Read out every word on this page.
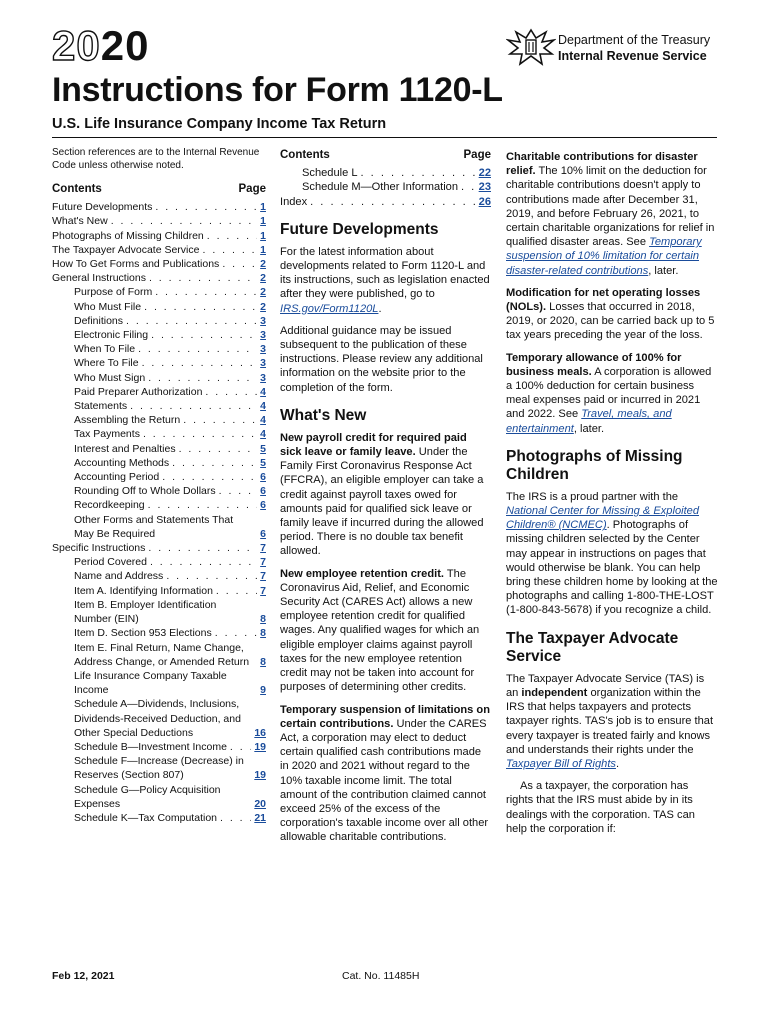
2020	Department of the Treasury
Internal Revenue Service
Instructions for Form 1120-L
U.S. Life Insurance Company Income Tax Return

Section references are to the Internal Revenue Code unless otherwise noted.

Contents	Page
Future Developments . . .	1
What's New . . .	1
Photographs of Missing Children . . .	1
The Taxpayer Advocate Service . . .	1
How To Get Forms and Publications . . .	2
General Instructions . . .	2
Purpose of Form . . .	2
Who Must File . . .	2
Definitions . . .	3
Electronic Filing . . .	3
When To File . . .	3
Where To File . . .	3
Who Must Sign . . .	3
Paid Preparer Authorization . . .	4
Statements . . .	4
Assembling the Return . . .	4
Tax Payments . . .	4
Interest and Penalties . . .	5
Accounting Methods . . .	5
Accounting Period . . .	6
Rounding Off to Whole Dollars . . .	6
Recordkeeping . . .	6
Other Forms and Statements That May Be Required	6
Specific Instructions . . .	7
Period Covered . . .	7
Name and Address . . .	7
Item A. Identifying Information . . .	7
Item B. Employer Identification Number (EIN)	8
Item D. Section 953 Elections . . .	8
Item E. Final Return, Name Change, Address Change, or Amended Return	8
Life Insurance Company Taxable Income	9
Schedule A—Dividends, Inclusions, Dividends-Received Deduction, and Other Special Deductions	16
Schedule B—Investment Income . . .	19
Schedule F—Increase (Decrease) in Reserves (Section 807)	19
Schedule G—Policy Acquisition Expenses	20
Schedule K—Tax Computation . . .	21
Contents	Page
Schedule L . . .	22
Schedule M—Other Information . . . 23
Index . . .	26
Future Developments

For the latest information about developments related to Form 1120-L and its instructions, such as legislation enacted after they were published, go to IRS.gov/Form1120L.

Additional guidance may be issued subsequent to the publication of these instructions. Please review any additional information on the website prior to the completion of the form.

What's New

New payroll credit for required paid sick leave or family leave. Under the Family First Coronavirus Response Act (FFCRA), an eligible employer can take a credit against payroll taxes owed for amounts paid for qualified sick leave or family leave if incurred during the allowed period. There is no double tax benefit allowed.

New employee retention credit. The Coronavirus Aid, Relief, and Economic Security Act (CARES Act) allows a new employee retention credit for qualified wages. Any qualified wages for which an eligible employer claims against payroll taxes for the new employee retention credit may not be taken into account for purposes of determining other credits.

Temporary suspension of limitations on certain contributions. Under the CARES Act, a corporation may elect to deduct certain qualified cash contributions made in 2020 and 2021 without regard to the 10% taxable income limit. The total amount of the contribution claimed cannot exceed 25% of the excess of the corporation's taxable income over all other allowable charitable contributions.

Charitable contributions for disaster relief. The 10% limit on the deduction for charitable contributions doesn't apply to contributions made after December 31, 2019, and before February 26, 2021, to certain charitable organizations for relief in qualified disaster areas. See Temporary suspension of 10% limitation for certain disaster-related contributions, later.

Modification for net operating losses (NOLs). Losses that occurred in 2018, 2019, or 2020, can be carried back up to 5 tax years preceding the year of the loss.

Temporary allowance of 100% for business meals. A corporation is allowed a 100% deduction for certain business meal expenses paid or incurred in 2021 and 2022. See Travel, meals, and entertainment, later.

Photographs of Missing Children

The IRS is a proud partner with the National Center for Missing & Exploited Children® (NCMEC). Photographs of missing children selected by the Center may appear in instructions on pages that would otherwise be blank. You can help bring these children home by looking at the photographs and calling 1-800-THE-LOST (1-800-843-5678) if you recognize a child.

The Taxpayer Advocate Service

The Taxpayer Advocate Service (TAS) is an independent organization within the IRS that helps taxpayers and protects taxpayer rights. TAS's job is to ensure that every taxpayer is treated fairly and knows and understands their rights under the Taxpayer Bill of Rights.

As a taxpayer, the corporation has rights that the IRS must abide by in its dealings with the corporation. TAS can help the corporation if:

Feb 12, 2021	Cat. No. 11485H
